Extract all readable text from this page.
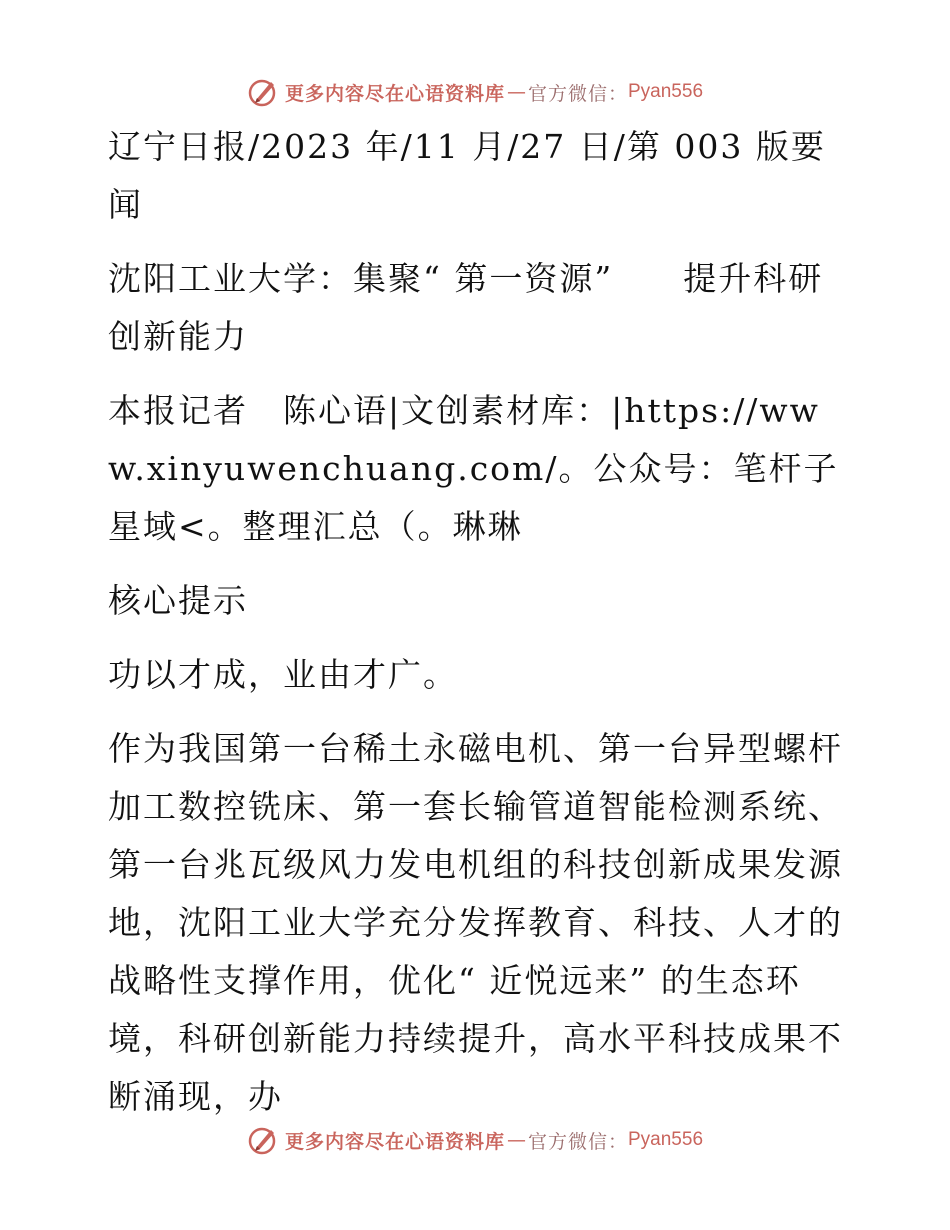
更多内容尽在心语资料库 — 官方微信： Pyan556

辽宁日报/2023 年/11 月/27 日/第 003 版要闻

沈阳工业大学：集聚“ 第一资源”　　提升科研创新能力

本报记者　陈心语|文创素材库：|https://www.xinyuwenchuang.com/。公众号：笔杆子星域<。整理汇总（。琳琳

核心提示

功以才成，业由才广。

作为我国第一台稀土永磁电机、第一台异型螺杆加工数控铣床、第一套长输管道智能检测系统、第一台兆瓦级风力发电机组的科技创新成果发源地，沈阳工业大学充分发挥教育、科技、人才的战略性支撑作用，优化“ 近悦远来” 的生态环境，科研创新能力持续提升，高水平科技成果不断涌现，办

更多内容尽在心语资料库 — 官方微信： Pyan556
